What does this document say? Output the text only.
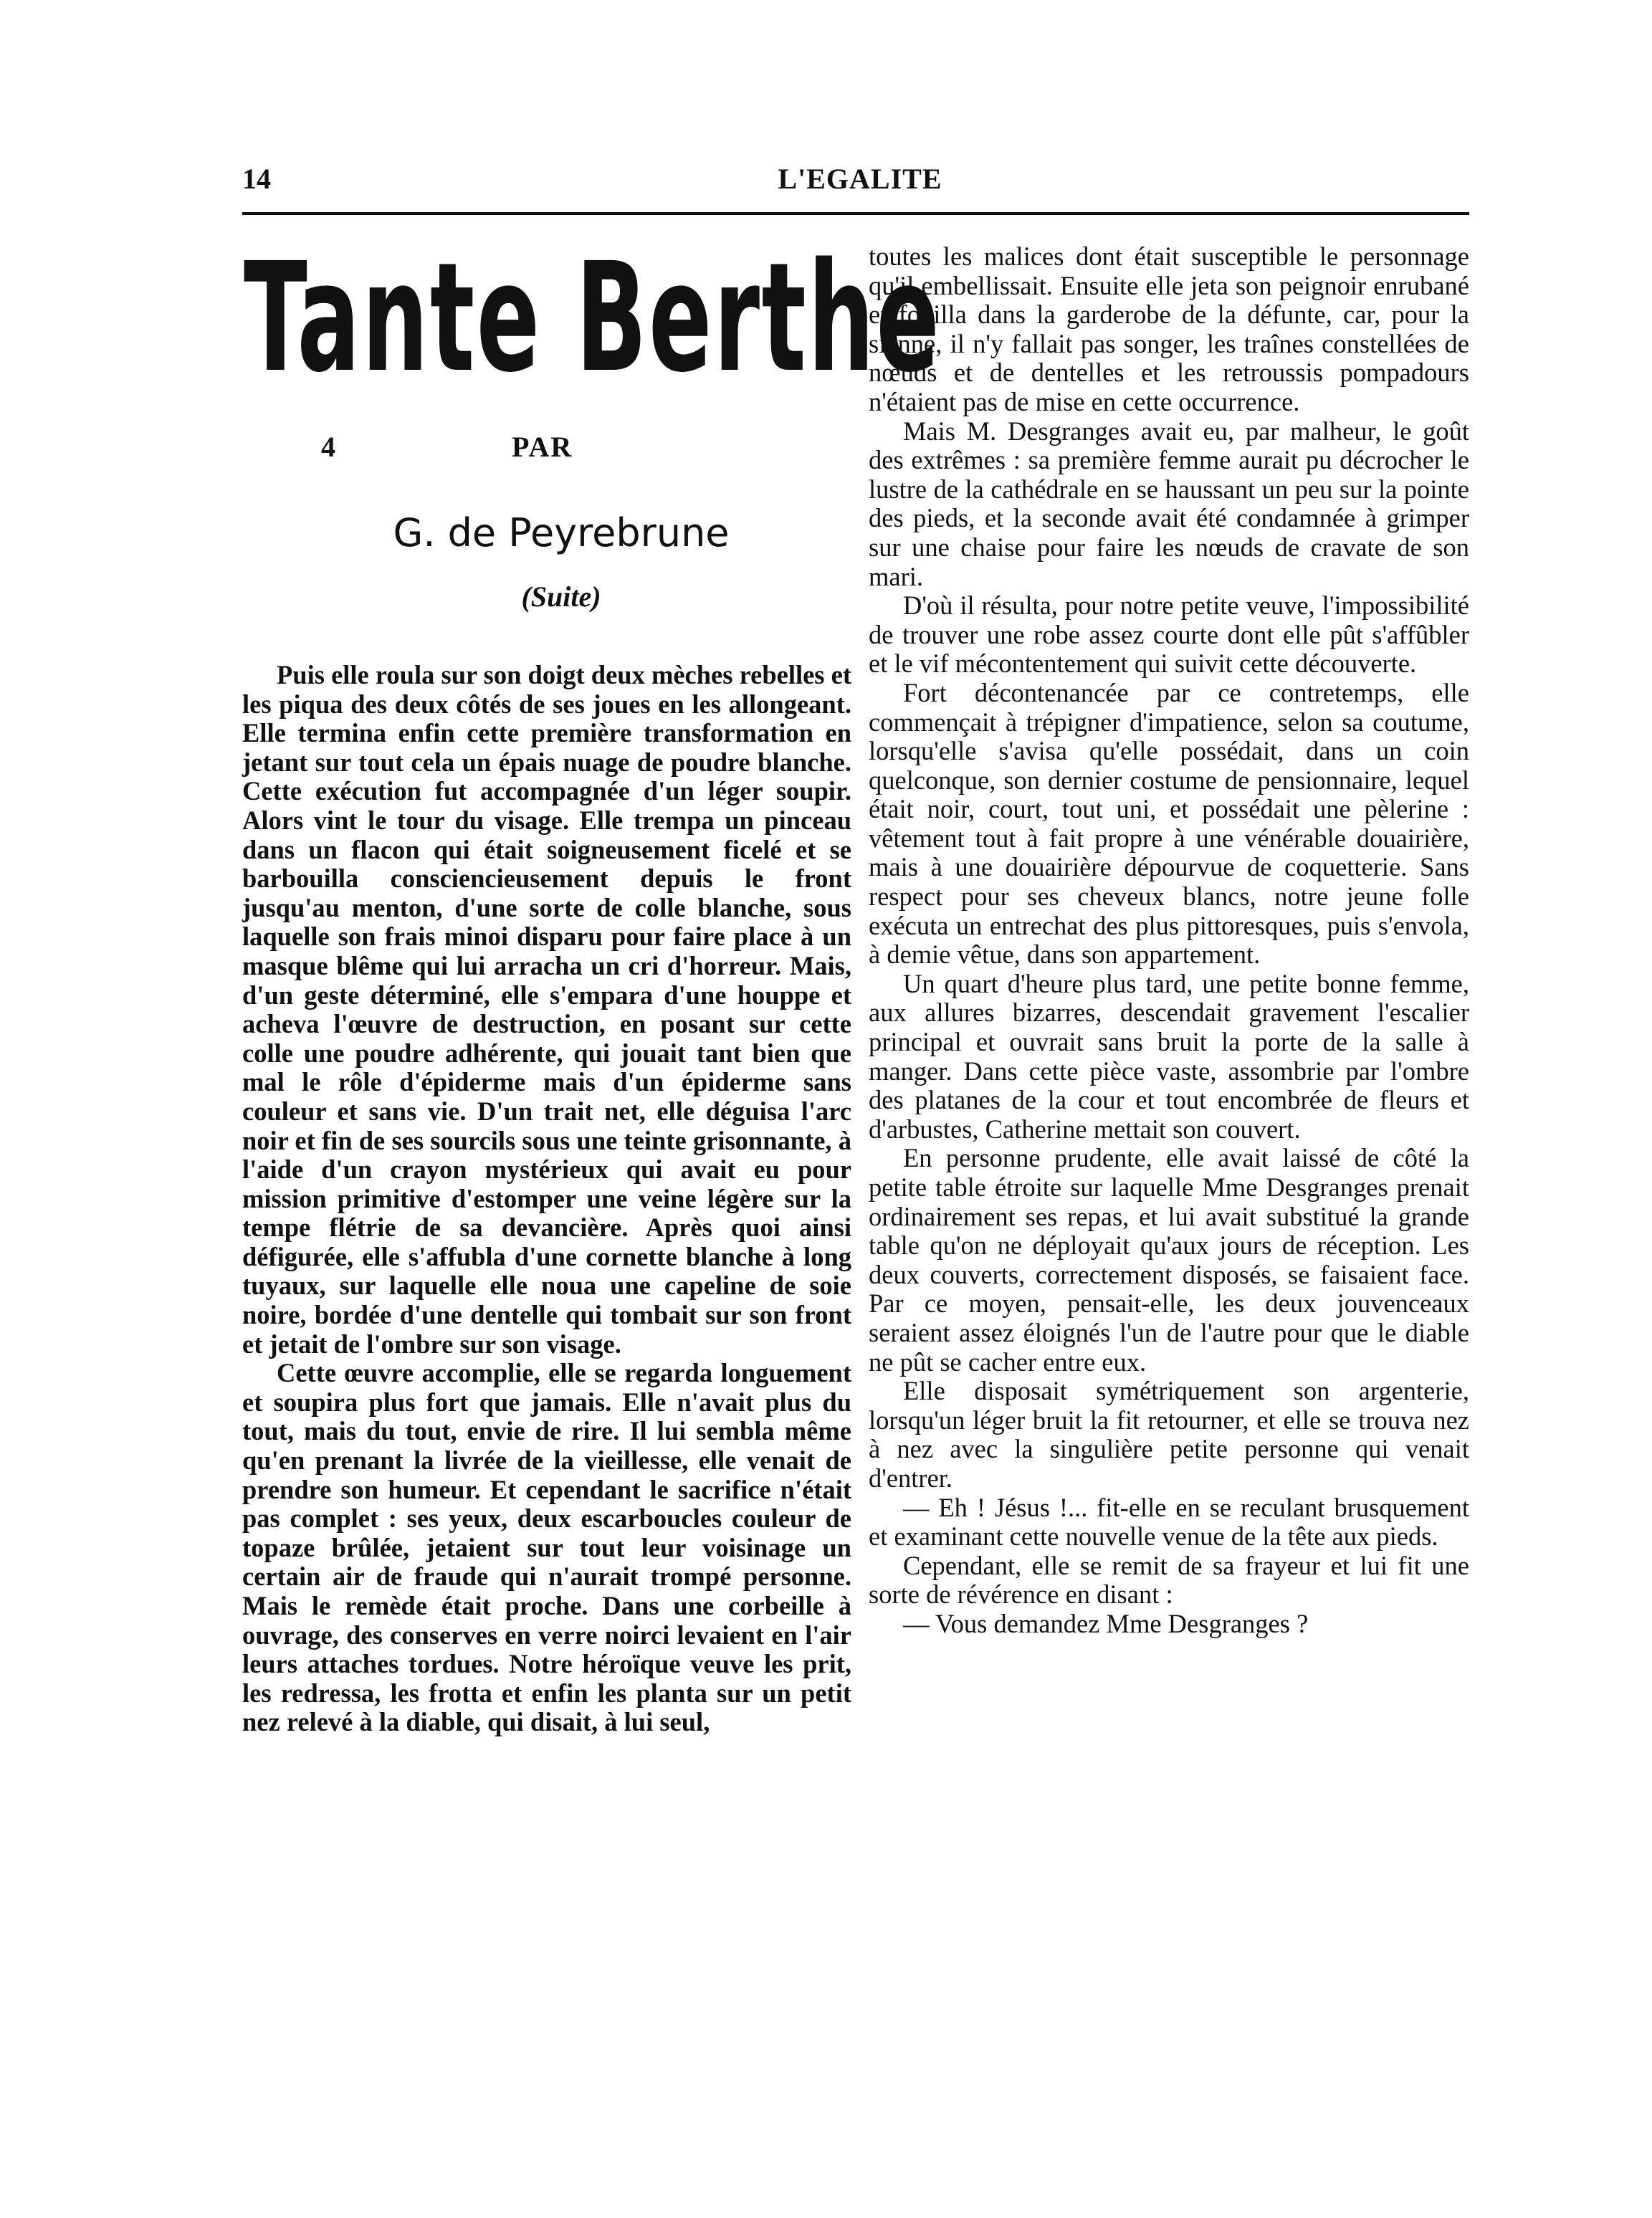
14	L'EGALITE
Tante Berthe
4	PAR
G. de Peyrebrune
(Suite)

Puis elle roula sur son doigt deux mèches rebelles et les piqua des deux côtés de ses joues en les allongeant. Elle termina enfin cette première transformation en jetant sur tout cela un épais nuage de poudre blanche. Cette exécution fut accompagnée d'un léger soupir. Alors vint le tour du visage. Elle trempa un pinceau dans un flacon qui était soigneusement ficelé et se barbouilla consciencieusement depuis le front jusqu'au menton, d'une sorte de colle blanche, sous laquelle son frais minoi disparu pour faire place à un masque blême qui lui arracha un cri d'horreur. Mais, d'un geste déterminé, elle s'empara d'une houppe et acheva l'œuvre de destruction, en posant sur cette colle une poudre adhérente, qui jouait tant bien que mal le rôle d'épiderme mais d'un épiderme sans couleur et sans vie. D'un trait net, elle déguisa l'arc noir et fin de ses sourcils sous une teinte grisonnante, à l'aide d'un crayon mystérieux qui avait eu pour mission primitive d'estomper une veine légère sur la tempe flétrie de sa devancière. Après quoi ainsi défigurée, elle s'affubla d'une cornette blanche à long tuyaux, sur laquelle elle noua une capeline de soie noire, bordée d'une dentelle qui tombait sur son front et jetait de l'ombre sur son visage.

Cette œuvre accomplie, elle se regarda longuement et soupira plus fort que jamais. Elle n'avait plus du tout, mais du tout, envie de rire. Il lui sembla même qu'en prenant la livrée de la vieillesse, elle venait de prendre son humeur. Et cependant le sacrifice n'était pas complet : ses yeux, deux escarboucles couleur de topaze brûlée, jetaient sur tout leur voisinage un certain air de fraude qui n'aurait trompé personne. Mais le remède était proche. Dans une corbeille à ouvrage, des conserves en verre noirci levaient en l'air leurs attaches tordues. Notre héroïque veuve les prit, les redressa, les frotta et enfin les planta sur un petit nez relevé à la diable, qui disait, à lui seul,

toutes les malices dont était susceptible le personnage qu'il embellissait. Ensuite elle jeta son peignoir enrubané et fouilla dans la garderobe de la défunte, car, pour la sienne, il n'y fallait pas songer, les traînes constellées de nœuds et de dentelles et les retroussis pompadours n'étaient pas de mise en cette occurrence.

Mais M. Desgranges avait eu, par malheur, le goût des extrêmes : sa première femme aurait pu décrocher le lustre de la cathédrale en se haussant un peu sur la pointe des pieds, et la seconde avait été condamnée à grimper sur une chaise pour faire les nœuds de cravate de son mari.

D'où il résulta, pour notre petite veuve, l'impossibilité de trouver une robe assez courte dont elle pût s'affûbler et le vif mécontentement qui suivit cette découverte.

Fort décontenancée par ce contretemps, elle commençait à trépigner d'impatience, selon sa coutume, lorsqu'elle s'avisa qu'elle possédait, dans un coin quelconque, son dernier costume de pensionnaire, lequel était noir, court, tout uni, et possédait une pèlerine : vêtement tout à fait propre à une vénérable douairière, mais à une douairière dépourvue de coquetterie. Sans respect pour ses cheveux blancs, notre jeune folle exécuta un entrechat des plus pittoresques, puis s'envola, à demie vêtue, dans son appartement.

Un quart d'heure plus tard, une petite bonne femme, aux allures bizarres, descendait gravement l'escalier principal et ouvrait sans bruit la porte de la salle à manger. Dans cette pièce vaste, assombrie par l'ombre des platanes de la cour et tout encombrée de fleurs et d'arbustes, Catherine mettait son couvert.

En personne prudente, elle avait laissé de côté la petite table étroite sur laquelle Mme Desgranges prenait ordinairement ses repas, et lui avait substitué la grande table qu'on ne déployait qu'aux jours de réception. Les deux couverts, correctement disposés, se faisaient face. Par ce moyen, pensait-elle, les deux jouvenceaux seraient assez éloignés l'un de l'autre pour que le diable ne pût se cacher entre eux.

Elle disposait symétriquement son argenterie, lorsqu'un léger bruit la fit retourner, et elle se trouva nez à nez avec la singulière petite personne qui venait d'entrer.

— Eh ! Jésus !... fit-elle en se reculant brusquement et examinant cette nouvelle venue de la tête aux pieds.

Cependant, elle se remit de sa frayeur et lui fit une sorte de révérence en disant :

— Vous demandez Mme Desgranges ?
